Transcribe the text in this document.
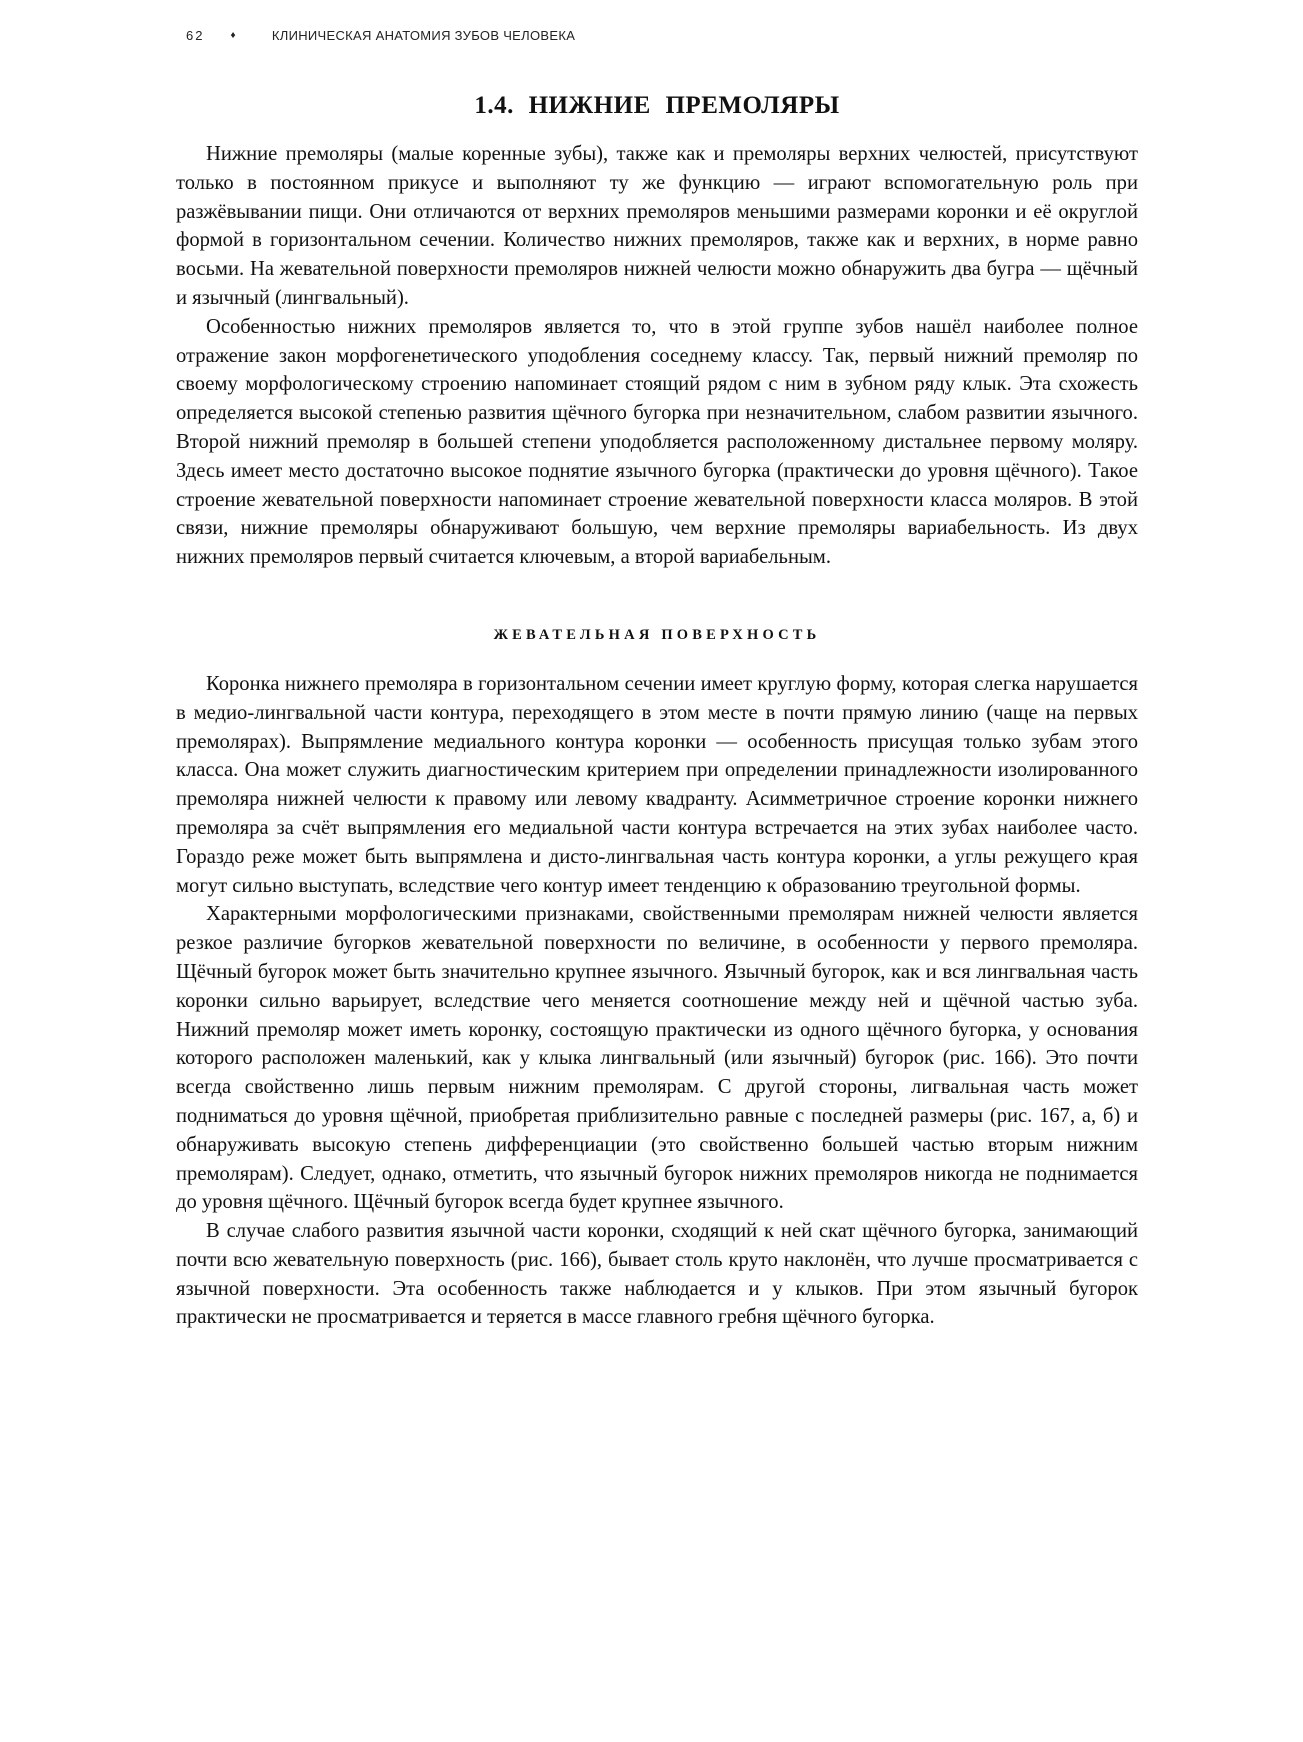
62	♦	КЛИНИЧЕСКАЯ АНАТОМИЯ ЗУБОВ ЧЕЛОВЕКА
1.4. НИЖНИЕ ПРЕМОЛЯРЫ

Нижние премоляры (малые коренные зубы), также как и премоляры верхних челюстей, присутствуют только в постоянном прикусе и выполняют ту же функцию — играют вспомогательную роль при разжёвывании пищи. Они отличаются от верхних премоляров меньшими размерами коронки и её округлой формой в горизонтальном сечении. Количество нижних премоляров, также как и верхних, в норме равно восьми. На жевательной поверхности премоляров нижней челюсти можно обнаружить два бугра — щёчный и язычный (лингвальный).

Особенностью нижних премоляров является то, что в этой группе зубов нашёл наиболее полное отражение закон морфогенетического уподобления соседнему классу. Так, первый нижний премоляр по своему морфологическому строению напоминает стоящий рядом с ним в зубном ряду клык. Эта схожесть определяется высокой степенью развития щёчного бугорка при незначительном, слабом развитии язычного. Второй нижний премоляр в большей степени уподобляется расположенному дистальнее первому моляру. Здесь имеет место достаточно высокое поднятие язычного бугорка (практически до уровня щёчного). Такое строение жевательной поверхности напоминает строение жевательной поверхности класса моляров. В этой связи, нижние премоляры обнаруживают большую, чем верхние премоляры вариабельность. Из двух нижних премоляров первый считается ключевым, а второй вариабельным.

ЖЕВАТЕЛЬНАЯ ПОВЕРХНОСТЬ

Коронка нижнего премоляра в горизонтальном сечении имеет круглую форму, которая слегка нарушается в медио-лингвальной части контура, переходящего в этом месте в почти прямую линию (чаще на первых премолярах). Выпрямление медиального контура коронки — особенность присущая только зубам этого класса. Она может служить диагностическим критерием при определении принадлежности изолированного премоляра нижней челюсти к правому или левому квадранту. Асимметричное строение коронки нижнего премоляра за счёт выпрямления его медиальной части контура встречается на этих зубах наиболее часто. Гораздо реже может быть выпрямлена и дисто-лингвальная часть контура коронки, а углы режущего края могут сильно выступать, вследствие чего контур имеет тенденцию к образованию треугольной формы.

Характерными морфологическими признаками, свойственными премолярам нижней челюсти является резкое различие бугорков жевательной поверхности по величине, в особенности у первого премоляра. Щёчный бугорок может быть значительно крупнее язычного. Язычный бугорок, как и вся лингвальная часть коронки сильно варьирует, вследствие чего меняется соотношение между ней и щёчной частью зуба. Нижний премоляр может иметь коронку, состоящую практически из одного щёчного бугорка, у основания которого расположен маленький, как у клыка лингвальный (или язычный) бугорок (рис. 166). Это почти всегда свойственно лишь первым нижним премолярам. С другой стороны, лигвальная часть может подниматься до уровня щёчной, приобретая приблизительно равные с последней размеры (рис. 167, а, б) и обнаруживать высокую степень дифференциации (это свойственно большей частью вторым нижним премолярам). Следует, однако, отметить, что язычный бугорок нижних премоляров никогда не поднимается до уровня щёчного. Щёчный бугорок всегда будет крупнее язычного.

В случае слабого развития язычной части коронки, сходящий к ней скат щёчного бугорка, занимающий почти всю жевательную поверхность (рис. 166), бывает столь круто наклонён, что лучше просматривается с язычной поверхности. Эта особенность также наблюдается и у клыков. При этом язычный бугорок практически не просматривается и теряется в массе главного гребня щёчного бугорка.
